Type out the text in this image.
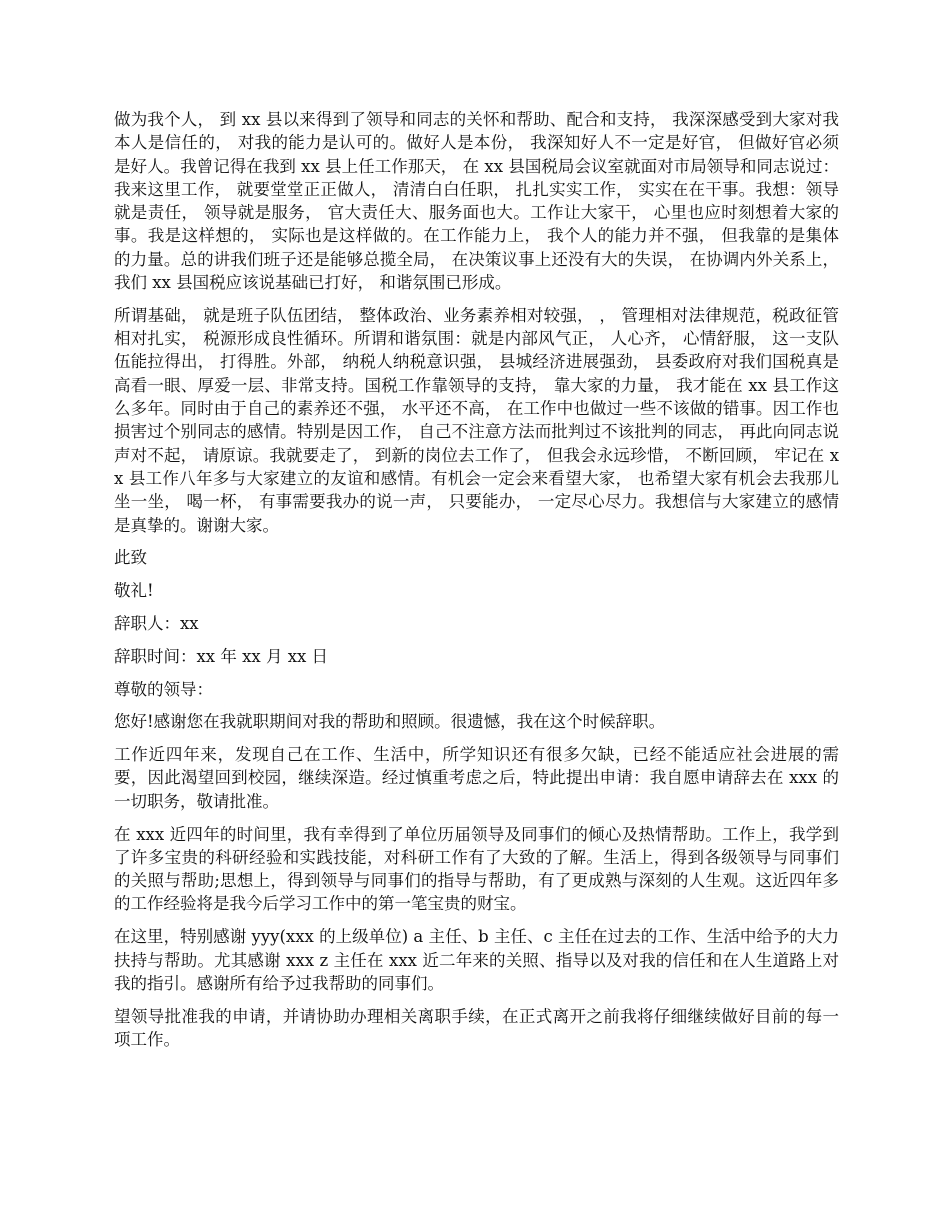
做为我个人， 到 xx 县以来得到了领导和同志的关怀和帮助、配合和支持， 我深深感受到大家对我本人是信任的， 对我的能力是认可的。做好人是本份， 我深知好人不一定是好官， 但做好官必须是好人。我曾记得在我到 xx 县上任工作那天， 在 xx 县国税局会议室就面对市局领导和同志说过：我来这里工作， 就要堂堂正正做人， 清清白白任职， 扎扎实实工作， 实实在在干事。我想：领导就是责任， 领导就是服务， 官大责任大、服务面也大。工作让大家干， 心里也应时刻想着大家的事。我是这样想的， 实际也是这样做的。在工作能力上， 我个人的能力并不强， 但我靠的是集体的力量。总的讲我们班子还是能够总揽全局， 在决策议事上还没有大的失误， 在协调内外关系上， 我们 xx 县国税应该说基础已打好， 和谐氛围已形成。

所谓基础， 就是班子队伍团结， 整体政治、业务素养相对较强， ， 管理相对法律规范，税政征管相对扎实， 税源形成良性循环。所谓和谐氛围：就是内部风气正， 人心齐， 心情舒服， 这一支队伍能拉得出， 打得胜。外部， 纳税人纳税意识强， 县城经济进展强劲， 县委政府对我们国税真是高看一眼、厚爱一层、非常支持。国税工作靠领导的支持， 靠大家的力量， 我才能在 xx 县工作这么多年。同时由于自己的素养还不强， 水平还不高， 在工作中也做过一些不该做的错事。因工作也损害过个别同志的感情。特别是因工作， 自己不注意方法而批判过不该批判的同志， 再此向同志说声对不起， 请原谅。我就要走了， 到新的岗位去工作了， 但我会永远珍惜， 不断回顾， 牢记在 xx 县工作八年多与大家建立的友谊和感情。有机会一定会来看望大家， 也希望大家有机会去我那儿坐一坐， 喝一杯， 有事需要我办的说一声， 只要能办， 一定尽心尽力。我想信与大家建立的感情是真挚的。谢谢大家。

此致

敬礼!

辞职人：xx

辞职时间：xx 年 xx 月 xx 日

尊敬的领导：

您好!感谢您在我就职期间对我的帮助和照顾。很遗憾，我在这个时候辞职。

工作近四年来，发现自己在工作、生活中，所学知识还有很多欠缺，已经不能适应社会进展的需要，因此渴望回到校园，继续深造。经过慎重考虑之后，特此提出申请：我自愿申请辞去在 xxx 的一切职务，敬请批准。

在 xxx 近四年的时间里，我有幸得到了单位历届领导及同事们的倾心及热情帮助。工作上，我学到了许多宝贵的科研经验和实践技能，对科研工作有了大致的了解。生活上，得到各级领导与同事们的关照与帮助;思想上，得到领导与同事们的指导与帮助，有了更成熟与深刻的人生观。这近四年多的工作经验将是我今后学习工作中的第一笔宝贵的财宝。

在这里，特别感谢 yyy(xxx 的上级单位) a 主任、b 主任、c 主任在过去的工作、生活中给予的大力扶持与帮助。尤其感谢 xxx z 主任在 xxx 近二年来的关照、指导以及对我的信任和在人生道路上对我的指引。感谢所有给予过我帮助的同事们。

望领导批准我的申请，并请协助办理相关离职手续，在正式离开之前我将仔细继续做好目前的每一项工作。
